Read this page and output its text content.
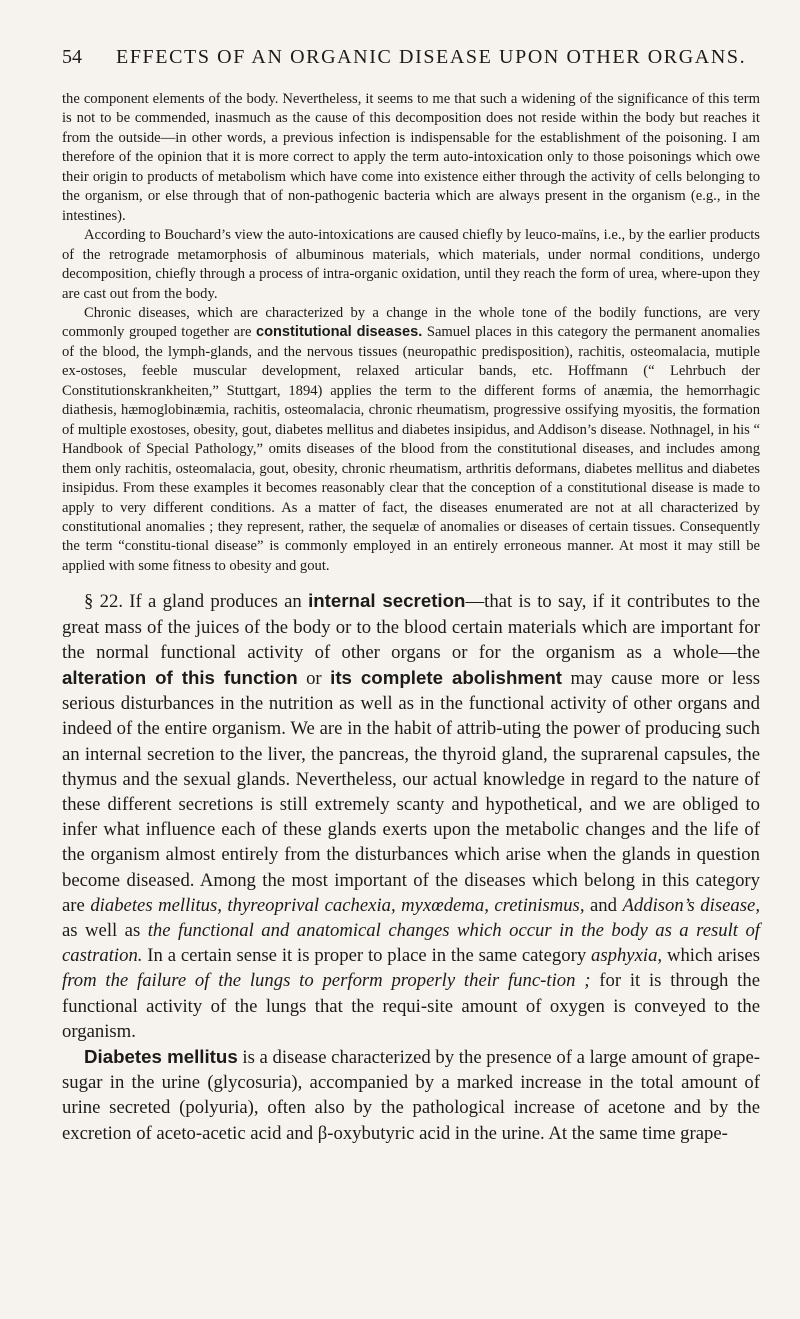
54	EFFECTS OF AN ORGANIC DISEASE UPON OTHER ORGANS.

the component elements of the body. Nevertheless, it seems to me that such a widening of the significance of this term is not to be commended, inasmuch as the cause of this decomposition does not reside within the body but reaches it from the outside—in other words, a previous infection is indispensable for the establishment of the poisoning. I am therefore of the opinion that it is more correct to apply the term auto-intoxication only to those poisonings which owe their origin to products of metabolism which have come into existence either through the activity of cells belonging to the organism, or else through that of non-pathogenic bacteria which are always present in the organism (e.g., in the intestines).

According to Bouchard’s view the auto-intoxications are caused chiefly by leuco-maïns, i.e., by the earlier products of the retrograde metamorphosis of albuminous materials, which materials, under normal conditions, undergo decomposition, chiefly through a process of intra-organic oxidation, until they reach the form of urea, where-upon they are cast out from the body.

Chronic diseases, which are characterized by a change in the whole tone of the bodily functions, are very commonly grouped together are constitutional diseases. Samuel places in this category the permanent anomalies of the blood, the lymph-glands, and the nervous tissues (neuropathic predisposition), rachitis, osteomalacia, mutiple ex-ostoses, feeble muscular development, relaxed articular bands, etc. Hoffmann (“ Lehrbuch der Constitutionskrankheiten,” Stuttgart, 1894) applies the term to the different forms of anæmia, the hemorrhagic diathesis, hæmoglobinæmia, rachitis, osteomalacia, chronic rheumatism, progressive ossifying myositis, the formation of multiple exostoses, obesity, gout, diabetes mellitus and diabetes insipidus, and Addison’s disease. Nothnagel, in his “ Handbook of Special Pathology,” omits diseases of the blood from the constitutional diseases, and includes among them only rachitis, osteomalacia, gout, obesity, chronic rheumatism, arthritis deformans, diabetes mellitus and diabetes insipidus. From these examples it becomes reasonably clear that the conception of a constitutional disease is made to apply to very different conditions. As a matter of fact, the diseases enumerated are not at all characterized by constitutional anomalies ; they represent, rather, the sequelæ of anomalies or diseases of certain tissues. Consequently the term “constitu-tional disease” is commonly employed in an entirely erroneous manner. At most it may still be applied with some fitness to obesity and gout.

§ 22. If a gland produces an internal secretion—that is to say, if it contributes to the great mass of the juices of the body or to the blood certain materials which are important for the normal functional activity of other organs or for the organism as a whole—the alteration of this function or its complete abolishment may cause more or less serious disturbances in the nutrition as well as in the functional activity of other organs and indeed of the entire organism. We are in the habit of attrib-uting the power of producing such an internal secretion to the liver, the pancreas, the thyroid gland, the suprarenal capsules, the thymus and the sexual glands. Nevertheless, our actual knowledge in regard to the nature of these different secretions is still extremely scanty and hypothetical, and we are obliged to infer what influence each of these glands exerts upon the metabolic changes and the life of the organism almost entirely from the disturbances which arise when the glands in question become diseased. Among the most important of the diseases which belong in this category are diabetes mellitus, thyreoprival cachexia, myxœdema, cretinismus, and Addison’s disease, as well as the functional and anatomical changes which occur in the body as a result of castration. In a certain sense it is proper to place in the same category asphyxia, which arises from the failure of the lungs to perform properly their func-tion ; for it is through the functional activity of the lungs that the requi-site amount of oxygen is conveyed to the organism.

Diabetes mellitus is a disease characterized by the presence of a large amount of grape-sugar in the urine (glycosuria), accompanied by a marked increase in the total amount of urine secreted (polyuria), often also by the pathological increase of acetone and by the excretion of aceto-acetic acid and β-oxybutyric acid in the urine. At the same time grape-
